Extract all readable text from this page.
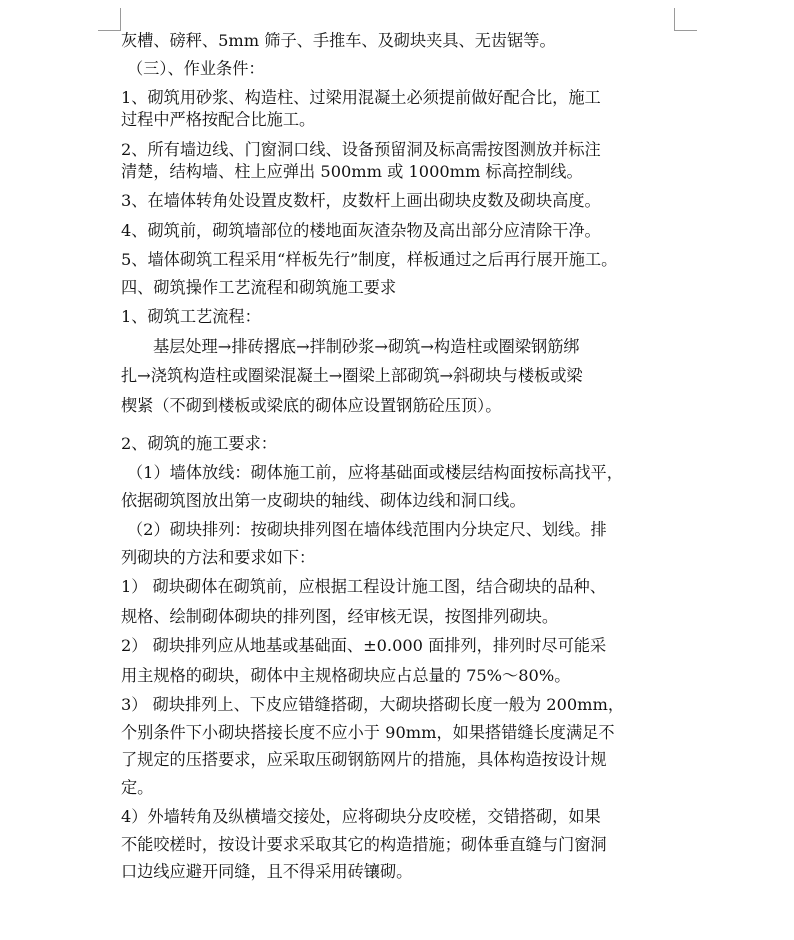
灰槽、磅秤、5mm 筛子、手推车、及砌块夹具、无齿锯等。

（三）、作业条件：

1、砌筑用砂浆、构造柱、过梁用混凝土必须提前做好配合比，施工

过程中严格按配合比施工。

2、所有墙边线、门窗洞口线、设备预留洞及标高需按图测放并标注

清楚，结构墙、柱上应弹出 500mm 或 1000mm 标高控制线。

3、在墙体转角处设置皮数杆，皮数杆上画出砌块皮数及砌块高度。

4、砌筑前，砌筑墙部位的楼地面灰渣杂物及高出部分应清除干净。

5、墙体砌筑工程采用“样板先行”制度，样板通过之后再行展开施工。

四、砌筑操作工艺流程和砌筑施工要求

1、砌筑工艺流程：

基层处理→排砖撂底→拌制砂浆→砌筑→构造柱或圈梁钢筋绑

扎→浇筑构造柱或圈梁混凝土→圈梁上部砌筑→斜砌块与楼板或梁

楔紧（不砌到楼板或梁底的砌体应设置钢筋砼压顶）。

2、砌筑的施工要求：

（1）墙体放线：砌体施工前，应将基础面或楼层结构面按标高找平，

依据砌筑图放出第一皮砌块的轴线、砌体边线和洞口线。

（2）砌块排列：按砌块排列图在墙体线范围内分块定尺、划线。排

列砌块的方法和要求如下：

1） 砌块砌体在砌筑前，应根据工程设计施工图，结合砌块的品种、

规格、绘制砌体砌块的排列图，经审核无误，按图排列砌块。

2） 砌块排列应从地基或基础面、±0.000 面排列，排列时尽可能采

用主规格的砌块，砌体中主规格砌块应占总量的 75%～80%。

3） 砌块排列上、下皮应错缝搭砌，大砌块搭砌长度一般为 200mm，

个别条件下小砌块搭接长度不应小于 90mm，如果搭错缝长度满足不

了规定的压搭要求，应采取压砌钢筋网片的措施，具体构造按设计规

定。

4）外墙转角及纵横墙交接处，应将砌块分皮咬槎，交错搭砌，如果

不能咬槎时，按设计要求采取其它的构造措施；砌体垂直缝与门窗洞

口边线应避开同缝，且不得采用砖镶砌。
